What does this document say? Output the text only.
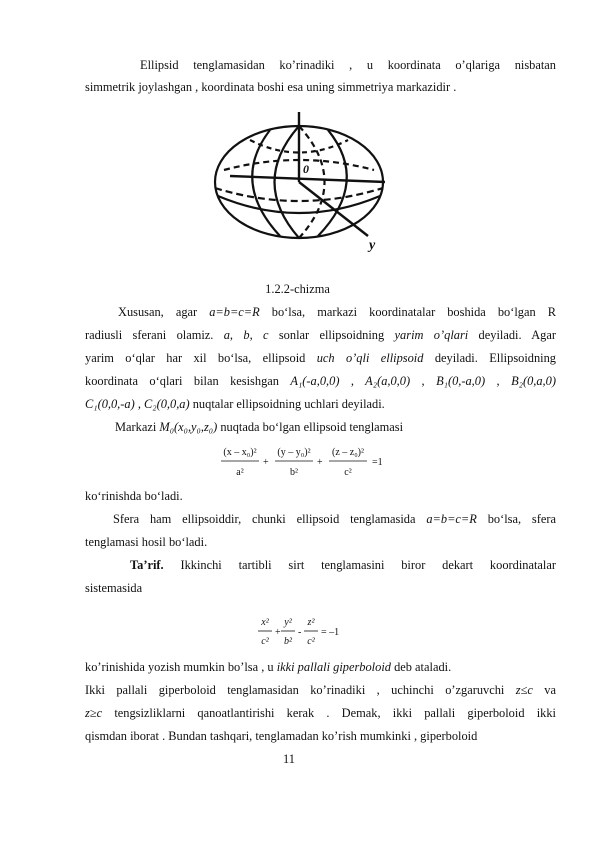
Ellipsid tenglamasidan ko’rinadiki , u koordinata o’qlariga nisbatan
simmetrik joylashgan , koordinata boshi esa uning simmetriya markazidir .
0
y
1.2.2-chizma
Xususan, agar a=b=c=R bo‘lsa, markazi koordinatalar boshida bo‘lgan R
radiusli sferani olamiz. a, b, c sonlar ellipsoidning yarim o’qlari deyiladi. Agar
yarim o‘qlar har xil bo‘lsa, ellipsoid uch o’qli ellipsoid deyiladi. Ellipsoidning
koordinata o‘qlari bilan kesishgan A₁(-a,0,0) , A₂(a,0,0) , B₁(0,-a,0) , B₂(0,a,0)
C₁(0,0,-a) , C₂(0,0,a) nuqtalar ellipsoidning uchlari deyiladi.
Markazi M₀(x₀,y₀,z₀) nuqtada bo‘lgan ellipsoid tenglamasi
(x – x₀)²
a²
+
(y – y₀)²
b²
+
(z – z₀)²
c²
=1
ko‘rinishda bo‘ladi.
Sfera ham ellipsoiddir, chunki ellipsoid tenglamasida a=b=c=R bo‘lsa, sfera
tenglamasi hosil bo‘ladi.
Ta’rif. Ikkinchi tartibli sirt tenglamasini biror dekart koordinatalar
sistemasida
x²
c²
+
y²
b²
-
z²
c²
= –1
ko’rinishida yozish mumkin bo’lsa , u ikki pallali giperboloid deb ataladi.
Ikki pallali giperboloid tenglamasidan ko’rinadiki , uchinchi o’zgaruvchi z≤c va
z≥c tengsizliklarni qanoatlantirishi kerak . Demak, ikki pallali giperboloid ikki
qismdan iborat . Bundan tashqari, tenglamadan ko’rish mumkinki , giperboloid
11
